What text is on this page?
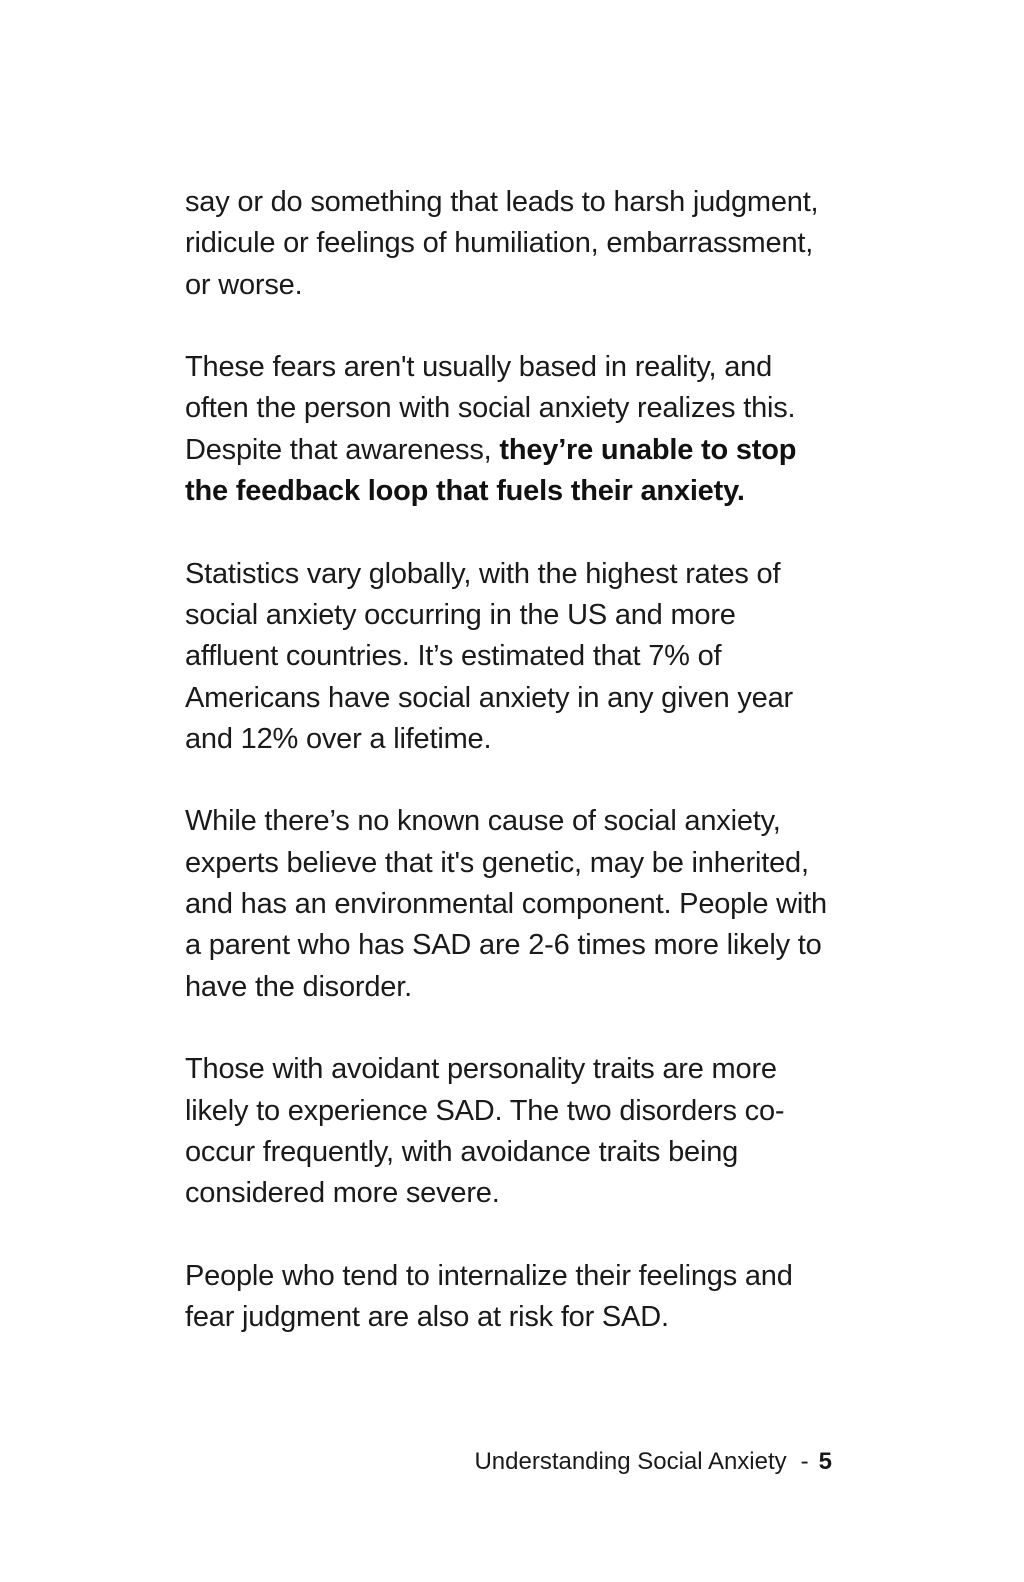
say or do something that leads to harsh judgment, ridicule or feelings of humiliation, embarrassment, or worse.

These fears aren't usually based in reality, and often the person with social anxiety realizes this. Despite that awareness, they’re unable to stop the feedback loop that fuels their anxiety.

Statistics vary globally, with the highest rates of social anxiety occurring in the US and more affluent countries. It’s estimated that 7% of Americans have social anxiety in any given year and 12% over a lifetime.

While there’s no known cause of social anxiety, experts believe that it's genetic, may be inherited, and has an environmental component. People with a parent who has SAD are 2-6 times more likely to have the disorder.

Those with avoidant personality traits are more likely to experience SAD. The two disorders co-occur frequently, with avoidance traits being considered more severe.

People who tend to internalize their feelings and fear judgment are also at risk for SAD.

Understanding Social Anxiety - 5
